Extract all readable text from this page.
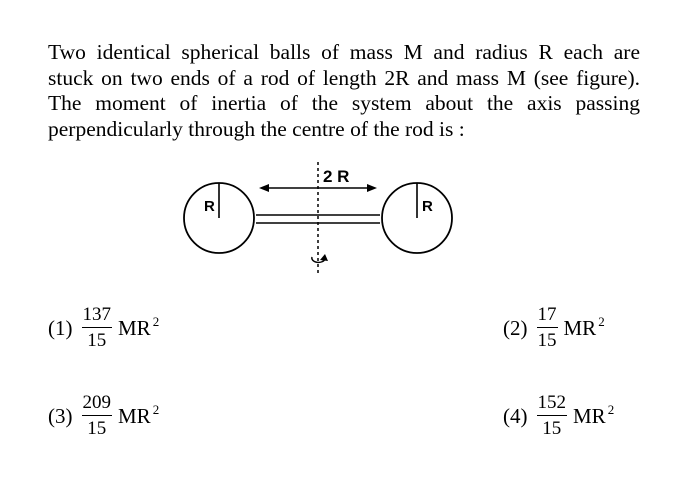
Two identical spherical balls of mass M and radius R each are
stuck on two ends of a rod of length 2R and mass M (see figure).
The moment of inertia of the system about the axis passing
perpendicularly through the centre of the rod is :
2 R
R	R
$(1) \frac{137}{15}$ MR $^2$	$(2) \frac{17}{15}$ MR $^2$
$(3) \frac{209}{15}$ MR $^2$	$(4) \frac{152}{15}$ MR $^2$
